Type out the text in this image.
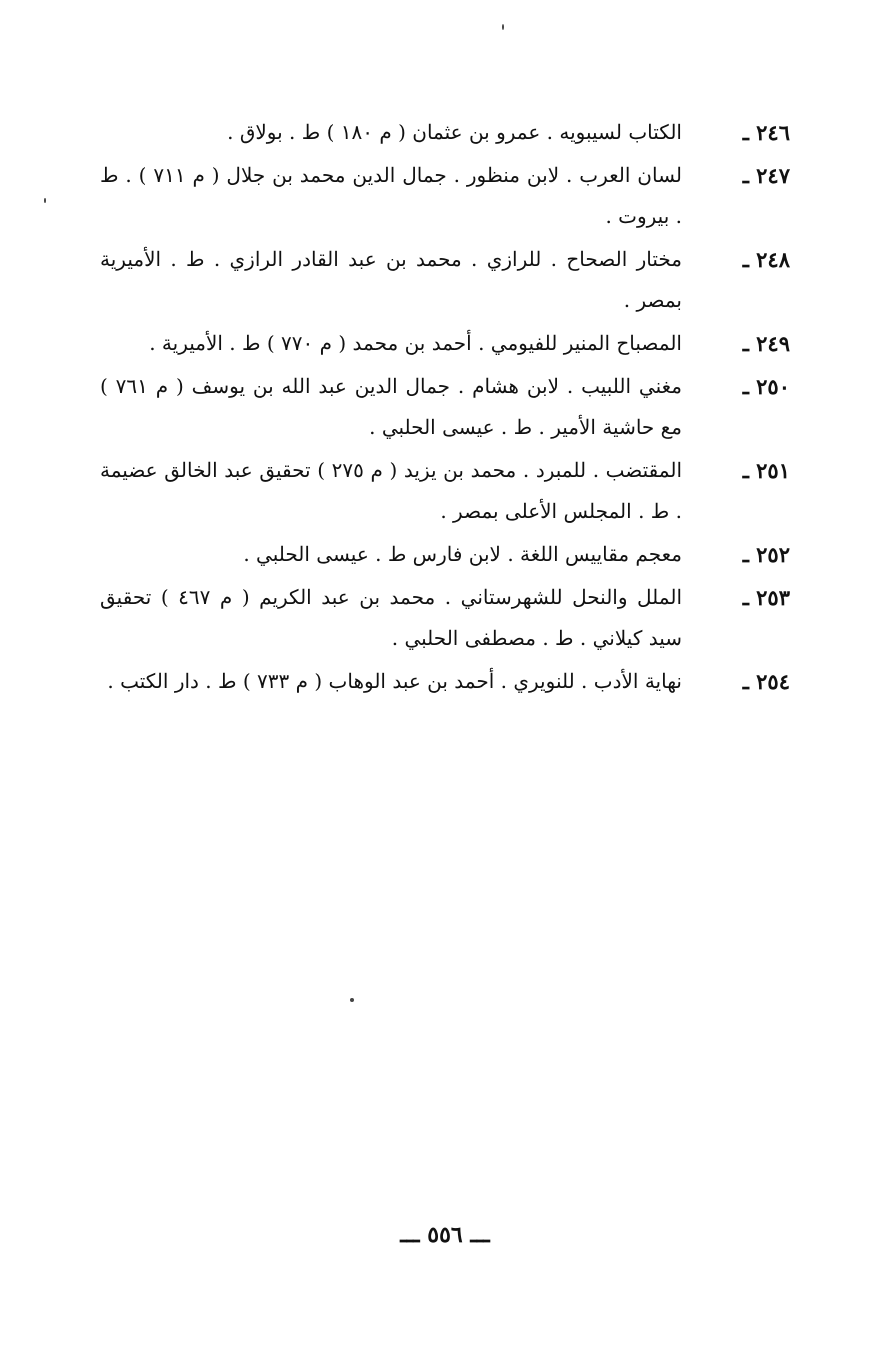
٢٤٦ ـ
الكتاب لسيبويه . عمرو بن عثمان ( م ١٨٠ ) ط . بولاق .
٢٤٧ ـ
لسان العرب . لابن منظور . جمال الدين محمد بن جلال ( م ٧١١ ) . ط . بيروت .
٢٤٨ ـ
مختار الصحاح . للرازي . محمد بن عبد القادر الرازي . ط . الأميرية بمصر .
٢٤٩ ـ
المصباح المنير للفيومي . أحمد بن محمد ( م ٧٧٠ ) ط . الأميرية .
٢٥٠ ـ
مغني اللبيب . لابن هشام . جمال الدين عبد الله بن يوسف ( م ٧٦١ ) مع حاشية الأمير . ط . عيسى الحلبي .
٢٥١ ـ
المقتضب . للمبرد . محمد بن يزيد ( م ٢٧٥ ) تحقيق عبد الخالق عضيمة . ط . المجلس الأعلى بمصر .
٢٥٢ ـ
معجم مقاييس اللغة . لابن فارس ط . عيسى الحلبي .
٢٥٣ ـ
الملل والنحل للشهرستاني . محمد بن عبد الكريم ( م ٤٦٧ ) تحقيق سيد كيلاني . ط . مصطفى الحلبي .
٢٥٤ ـ
نهاية الأدب . للنويري . أحمد بن عبد الوهاب ( م ٧٣٣ ) ط . دار الكتب .
ـــ ٥٥٦ ـــ
